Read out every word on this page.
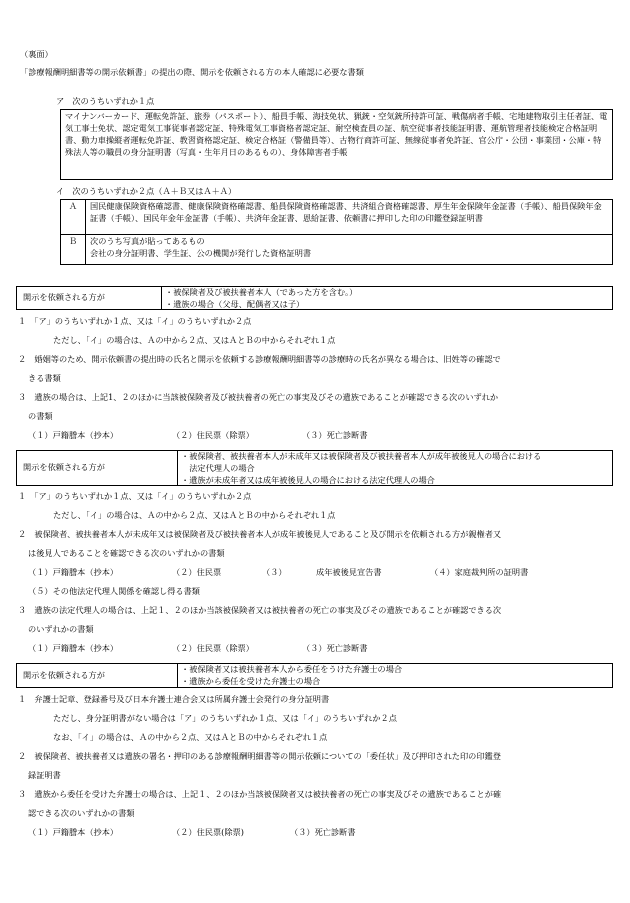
（裏面）
「診療報酬明細書等の開示依頼書」の提出の際、開示を依頼される方の本人確認に必要な書類
ア　次のうちいずれか１点
マイナンバーカード、運転免許証、旅券（パスポート）、船員手帳、海技免状、猟銃・空気銃所持許可証、戦傷病者手帳、宅地建物取引主任者証、電気工事士免状、認定電気工事従事者認定証、特殊電気工事資格者認定証、耐空検査員の証、航空従事者技能証明書、運航管理者技能検定合格証明書、動力車操縦者運転免許証、教習資格認定証、検定合格証（警備員等）、古物行商許可証、無線従事者免許証、官公庁・公団・事業団・公庫・特殊法人等の職員の身分証明書（写真・生年月日のあるもの）、身体障害者手帳
イ　次のうちいずれか２点（Ａ＋Ｂ又はＡ＋Ａ）
Ａ	国民健康保険資格確認書、健康保険資格確認書、船員保険資格確認書、共済組合資格確認書、厚生年金保険年金証書（手帳）、船員保険年金証書（手帳）、国民年金年金証書（手帳）、共済年金証書、恩給証書、依頼書に押印した印の印鑑登録証明書
Ｂ	次のうち写真が貼ってあるもの
会社の身分証明書、学生証、公の機関が発行した資格証明書
開示を依頼される方が
・被保険者及び被扶養者本人（であった方を含む。）
・遺族の場合（父母、配偶者又は子）
１　「ア」のうちいずれか１点、又は「イ」のうちいずれか２点
ただし、「イ」の場合は、Ａの中から２点、又はＡとＢの中からそれぞれ１点
２　婚姻等のため、開示依頼書の提出時の氏名と開示を依頼する診療報酬明細書等の診療時の氏名が異なる場合は、旧姓等の確認で
きる書類
３　遺族の場合は、上記1、２のほかに当該被保険者及び被扶養者の死亡の事実及びその遺族であることが確認できる次のいずれか
の書類
（１）戸籍謄本（抄本）	（２）住民票（除票）	（３）死亡診断書
開示を依頼される方が
・被保険者、被扶養者本人が未成年又は被保険者及び被扶養者本人が成年被後見人の場合における
　法定代理人の場合
・遺族が未成年者又は成年被後見人の場合における法定代理人の場合
１　「ア」のうちいずれか１点、又は「イ」のうちいずれか２点
ただし、「イ」の場合は、Ａの中から２点、又はＡとＢの中からそれぞれ１点
２　被保険者、被扶養者本人が未成年又は被保険者及び被扶養者本人が成年被後見人であること及び開示を依頼される方が親権者又
は後見人であることを確認できる次のいずれかの書類
（１）戸籍謄本（抄本）	（２）住民票	（３）	成年被後見宣告書	（４）家庭裁判所の証明書
（５）その他法定代理人関係を確認し得る書類
３　遺族の法定代理人の場合は、上記１、２のほか当該被保険者又は被扶養者の死亡の事実及びその遺族であることが確認できる次
のいずれかの書類
（１）戸籍謄本（抄本）	（２）住民票（除票）	（３）死亡診断書
開示を依頼される方が
・被保険者又は被扶養者本人から委任をうけた弁護士の場合
・遺族から委任を受けた弁護士の場合
１　弁護士記章、登録番号及び日本弁護士連合会又は所属弁護士会発行の身分証明書
ただし、身分証明書がない場合は「ア」のうちいずれか１点、又は「イ」のうちいずれか２点
なお、「イ」の場合は、Ａの中から２点、又はＡとＢの中からそれぞれ１点
２　被保険者、被扶養者又は遺族の署名・押印のある診療報酬明細書等の開示依頼についての「委任状」及び押印された印の印鑑登
録証明書
３　遺族から委任を受けた弁護士の場合は、上記１、２のほか当該被保険者又は被扶養者の死亡の事実及びその遺族であることが確
認できる次のいずれかの書類
（１）戸籍謄本（抄本）	（２）住民票(除票)	（３）死亡診断書
